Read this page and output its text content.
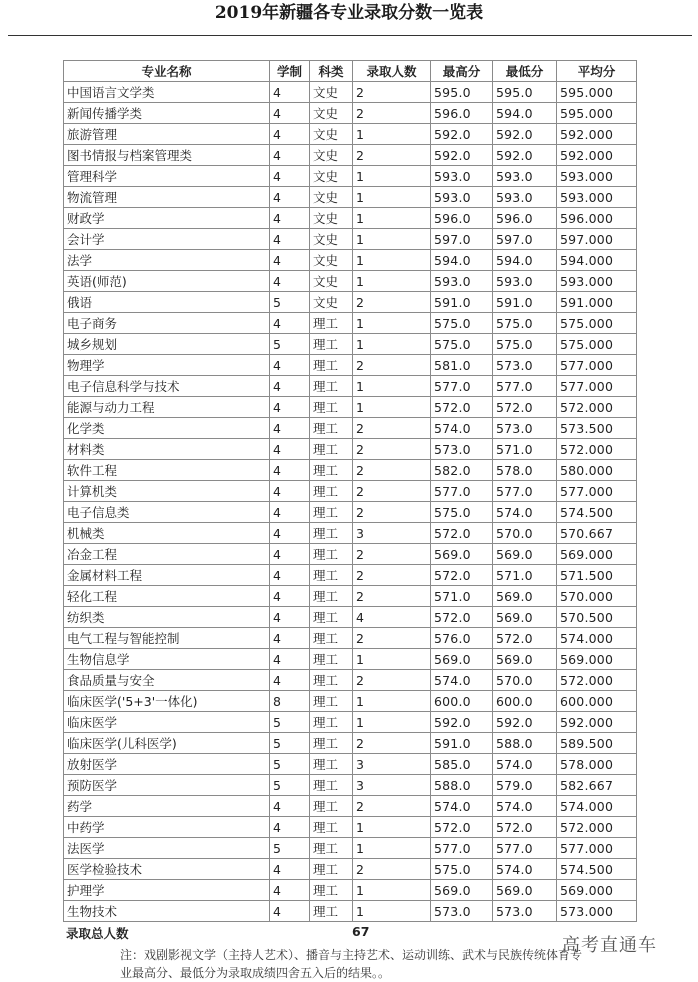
2019年新疆各专业录取分数一览表
专业名称	学制	科类	录取人数	最高分	最低分	平均分
中国语言文学类	4	文史	2	595.0	595.0	595.000
新闻传播学类	4	文史	2	596.0	594.0	595.000
旅游管理	4	文史	1	592.0	592.0	592.000
图书情报与档案管理类	4	文史	2	592.0	592.0	592.000
管理科学	4	文史	1	593.0	593.0	593.000
物流管理	4	文史	1	593.0	593.0	593.000
财政学	4	文史	1	596.0	596.0	596.000
会计学	4	文史	1	597.0	597.0	597.000
法学	4	文史	1	594.0	594.0	594.000
英语(师范)	4	文史	1	593.0	593.0	593.000
俄语	5	文史	2	591.0	591.0	591.000
电子商务	4	理工	1	575.0	575.0	575.000
城乡规划	5	理工	1	575.0	575.0	575.000
物理学	4	理工	2	581.0	573.0	577.000
电子信息科学与技术	4	理工	1	577.0	577.0	577.000
能源与动力工程	4	理工	1	572.0	572.0	572.000
化学类	4	理工	2	574.0	573.0	573.500
材料类	4	理工	2	573.0	571.0	572.000
软件工程	4	理工	2	582.0	578.0	580.000
计算机类	4	理工	2	577.0	577.0	577.000
电子信息类	4	理工	2	575.0	574.0	574.500
机械类	4	理工	3	572.0	570.0	570.667
冶金工程	4	理工	2	569.0	569.0	569.000
金属材料工程	4	理工	2	572.0	571.0	571.500
轻化工程	4	理工	2	571.0	569.0	570.000
纺织类	4	理工	4	572.0	569.0	570.500
电气工程与智能控制	4	理工	2	576.0	572.0	574.000
生物信息学	4	理工	1	569.0	569.0	569.000
食品质量与安全	4	理工	2	574.0	570.0	572.000
临床医学('5+3'一体化)	8	理工	1	600.0	600.0	600.000
临床医学	5	理工	1	592.0	592.0	592.000
临床医学(儿科医学)	5	理工	2	591.0	588.0	589.500
放射医学	5	理工	3	585.0	574.0	578.000
预防医学	5	理工	3	588.0	579.0	582.667
药学	4	理工	2	574.0	574.0	574.000
中药学	4	理工	1	572.0	572.0	572.000
法医学	5	理工	1	577.0	577.0	577.000
医学检验技术	4	理工	2	575.0	574.0	574.500
护理学	4	理工	1	569.0	569.0	569.000
生物技术	4	理工	1	573.0	573.0	573.000
录取总人数	67
注：戏剧影视文学（主持人艺术）、播音与主持艺术、运动训练、武术与民族传统体育专业最高分、最低分为录取成绩四舍五入后的结果。。
高考直通车
